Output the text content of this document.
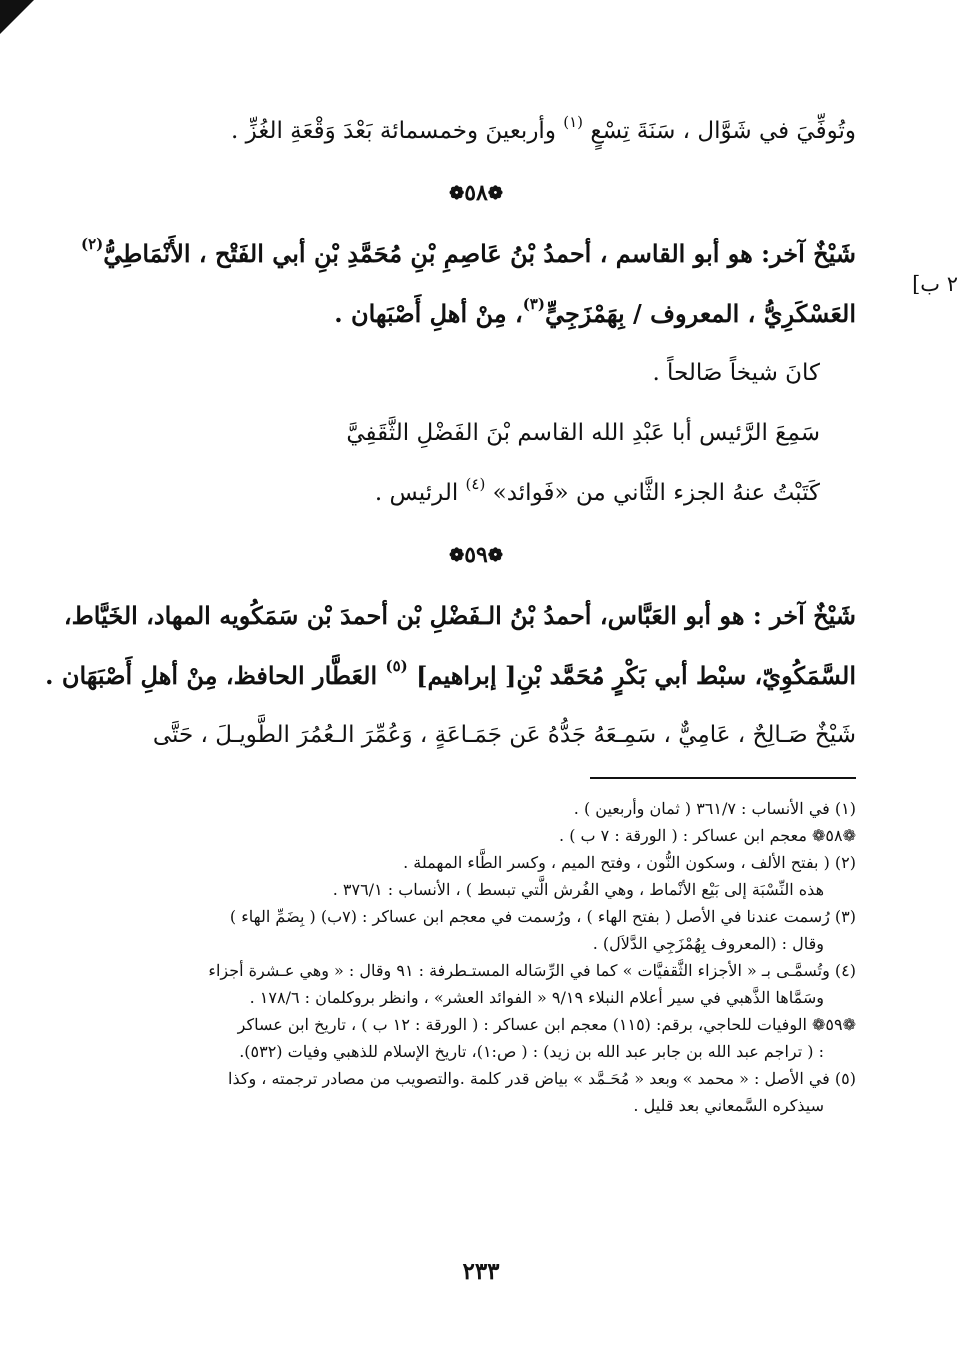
٢ ب]

وتُوفِّيَ في شَوَّال ، سَنَةَ تِسْعٍ

(١)

وأربعينَ وخمسمائة بَعْدَ وَقْعَةِ الغُزِّ .

❁
٥٨
❁

شَيْخٌ آخر: هو أبو القاسم ، أحمدُ بْنُ عَاصِمِ بْنِ مُحَمَّدِ بْنِ أبي الفَتْح ، الأَنْمَاطِيُّ
(٢)

العَسْكَرِيُّ ، المعروف / بِهَمْزَجِيٍّ
(٣)
، مِنْ أهلِ أَصْبَهان .

كانَ شيخاً صَالحاً .

سَمِعَ الرَّئيس أبا عَبْدِ الله القاسم بْنَ الفَضْلِ الثَّقَفِيَّ

كَتَبْتُ عنهُ الجزء الثَّاني من «فَوائد»

(٤)

الرئيس .

❁
٥٩
❁

شَيْخٌ آخر : هو أبو العَبَّاس، أحمدُ بْنُ الـفَضْلِ بْن أحمدَ بْن سَمَكُويه المهاد، الخَيَّاط،

السَّمَكُوِيّ، سبْط أبي بَكْرٍ مُحَمَّد بْنِ[ إبراهيم]

(٥)

العَطَّار الحافظ، مِنْ أهلِ أَصْبَهَان .

شَيْخٌ صَـالِحٌ ، عَامِيٌّ ، سَمِـعَهُ جَدُّهُ عَن جَمَـاعَةٍ ، وَعُمِّرَ الـعُمُرَ الطَّويـلَ ، حَتَّى

(١) في الأنساب : ٣٦١/٧ ( ثمان وأربعين ) .
❁٥٨❁ معجم ابن عساكر : ( الورقة : ٧ ب ) .
(٢) ( بفتح الألف ، وسكون النُّون ، وفتح الميم ، وكسر الطَّاء المهملة .
هذه النِّسْبَة إلى بَيْع الأنْماط ، وهي الفُرش الَّتي تبسط ) ، الأنساب : ٣٧٦/١ .
(٣) رُسمت عندنا في الأصل ( بفتح الهاء ) ، ورُسمت في معجم ابن عساكر : (٧ب) ( بِضَمِّ الهاء )
وقال : (المعروف بِهُمْزَجِي الدَّلاَل) .
(٤) وتُسمَّـى بـ « الأجزاء الثَّقفيَّات » كما في الرِّسَاله المستـطرفة : ٩١ وقال : « وهي عـشرة أجزاء
وسَمَّاها الذَّهبي في سير أعلام النبلاء ٩/١٩ « الفوائد العشر» ، وانظر بروكلمان : ١٧٨/٦ .
❁٥٩❁ الوفيات للحاجي، برقم: (١١٥) معجم ابن عساكر : ( الورقة : ١٢ ب ) ، تاريخ ابن عساكر
: ( تراجم عبد الله بن جابر عبد الله بن زيد) : ( ص:١)، تاريخ الإسلام للذهبي وفيات (٥٣٢).
(٥) في الأصل : « محمد » وبعد « مُحَـمَّد » بياض قدر كلمة .والتصويب من مصادر ترجمته ، وكذا
سيذكره السَّمعاني بعد قليل .
٢٣٣
